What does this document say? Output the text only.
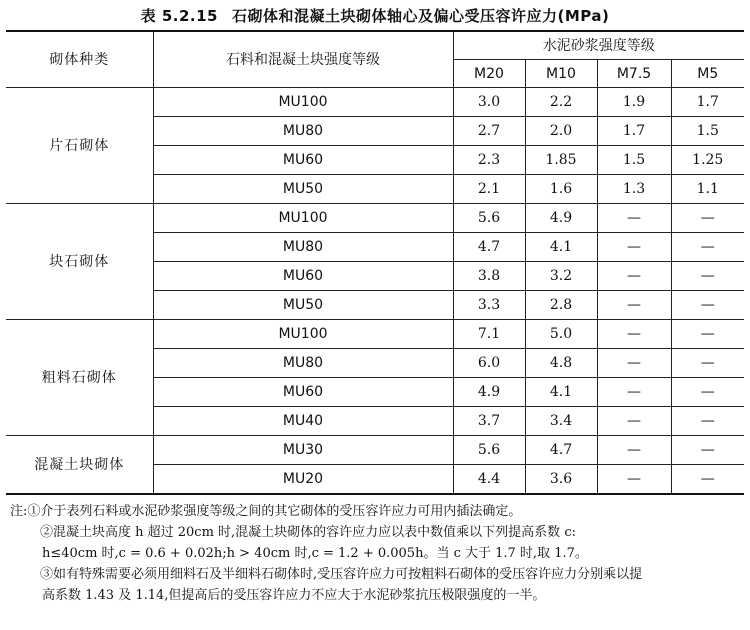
表 5.2.15 石砌体和混凝土块砌体轴心及偏心受压容许应力(MPa)
砌体种类	石料和混凝土块强度等级	水泥砂浆强度等级			
		M20	M10	M7.5	M5
片石砌体	MU100	3.0	2.2	1.9	1.7
	MU80	2.7	2.0	1.7	1.5
	MU60	2.3	1.85	1.5	1.25
	MU50	2.1	1.6	1.3	1.1
块石砌体	MU100	5.6	4.9	—	—
	MU80	4.7	4.1	—	—
	MU60	3.8	3.2	—	—
	MU50	3.3	2.8	—	—
粗料石砌体	MU100	7.1	5.0	—	—
	MU80	6.0	4.8	—	—
	MU60	4.9	4.1	—	—
	MU40	3.7	3.4	—	—
混凝土块砌体	MU30	5.6	4.7	—	—
	MU20	4.4	3.6	—	—
注:①介于表列石料或水泥砂浆强度等级之间的其它砌体的受压容许应力可用内插法确定。
②混凝土块高度 h 超过 20cm 时,混凝土块砌体的容许应力应以表中数值乘以下列提高系数 c:
h≤40cm 时,c = 0.6 + 0.02h;h > 40cm 时,c = 1.2 + 0.005h。当 c 大于 1.7 时,取 1.7。
③如有特殊需要必须用细料石及半细料石砌体时,受压容许应力可按粗料石砌体的受压容许应力分别乘以提
高系数 1.43 及 1.14,但提高后的受压容许应力不应大于水泥砂浆抗压极限强度的一半。
